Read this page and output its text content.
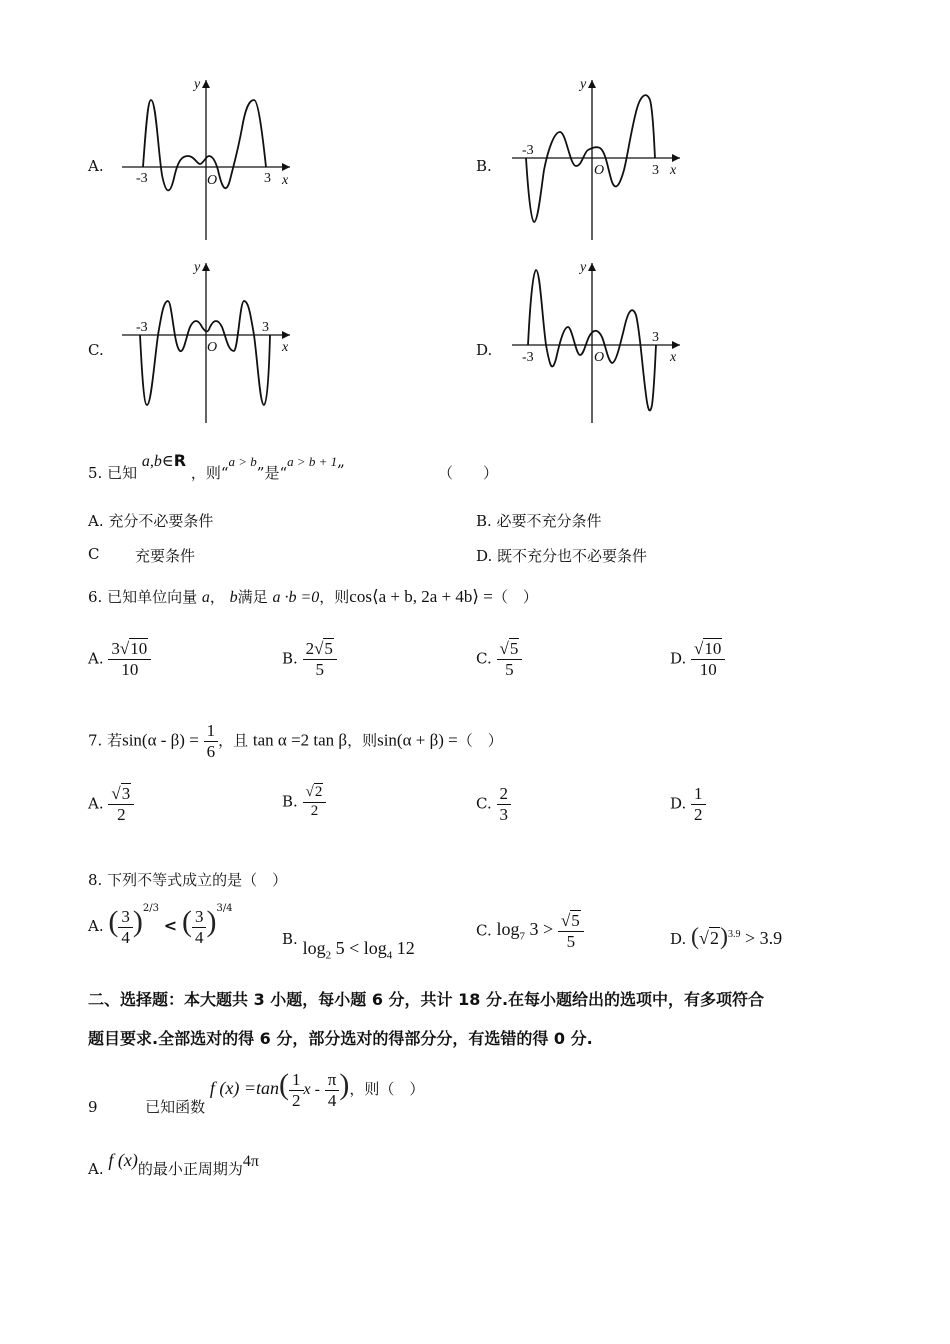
A.	B.
C.	D.
-3	O	3 x
y
-3
O	3 x
y
-3
O
3
x
y
-3	O
3
x
y
5. 已知 a,b∈R ，则“a > b”是“a > b + 1„
（　　）
A. 充分不必要条件	B. 必要不充分条件
C 充要条件	D. 既不充分也不必要条件
6. 已知单位向量 a， b满足 a ·b =0，则cos⟨a + b, 2a + 4b⟩ =（　）
A. $\frac{3√10}{10}$	B. $\frac{2√5}{5}$	C. $\frac{√5}{5}$	D. $\frac{√10}{10}$
7. 若$\sin(\alpha - \beta) = \frac{1}{6}$ ，且 tan α =2 tan β，则sin(α + β) =（　）
A. $\frac{√3}{2}$	B. $\frac{√2}{2}$	C. $\frac{2}{3}$	D. $\frac{1}{2}$
8. 下列不等式成立的是（　）
A. ( $\frac{3}{4} )^{2/3}$ < ( $\frac{3}{4} )^{3/4}$
B. $\log_2 5 < \log_4 12$
C. $\log_7 3 > \frac{√5}{5}$	D. $(√2)^{3.9} > 3.9$
二、选择题：本大题共 3 小题，每小题 6 分，共计 18 分.在每小题给出的选项中，有多项符合
题目要求.全部选对的得 6 分，部分选对的得部分分，有选错的得 0 分.
9	已知函数 f $(x) =\tan( \frac{1}{2}$ x - $\frac{\pi}{4}$ )，则（　）
A. f (x)的最小正周期为4π
